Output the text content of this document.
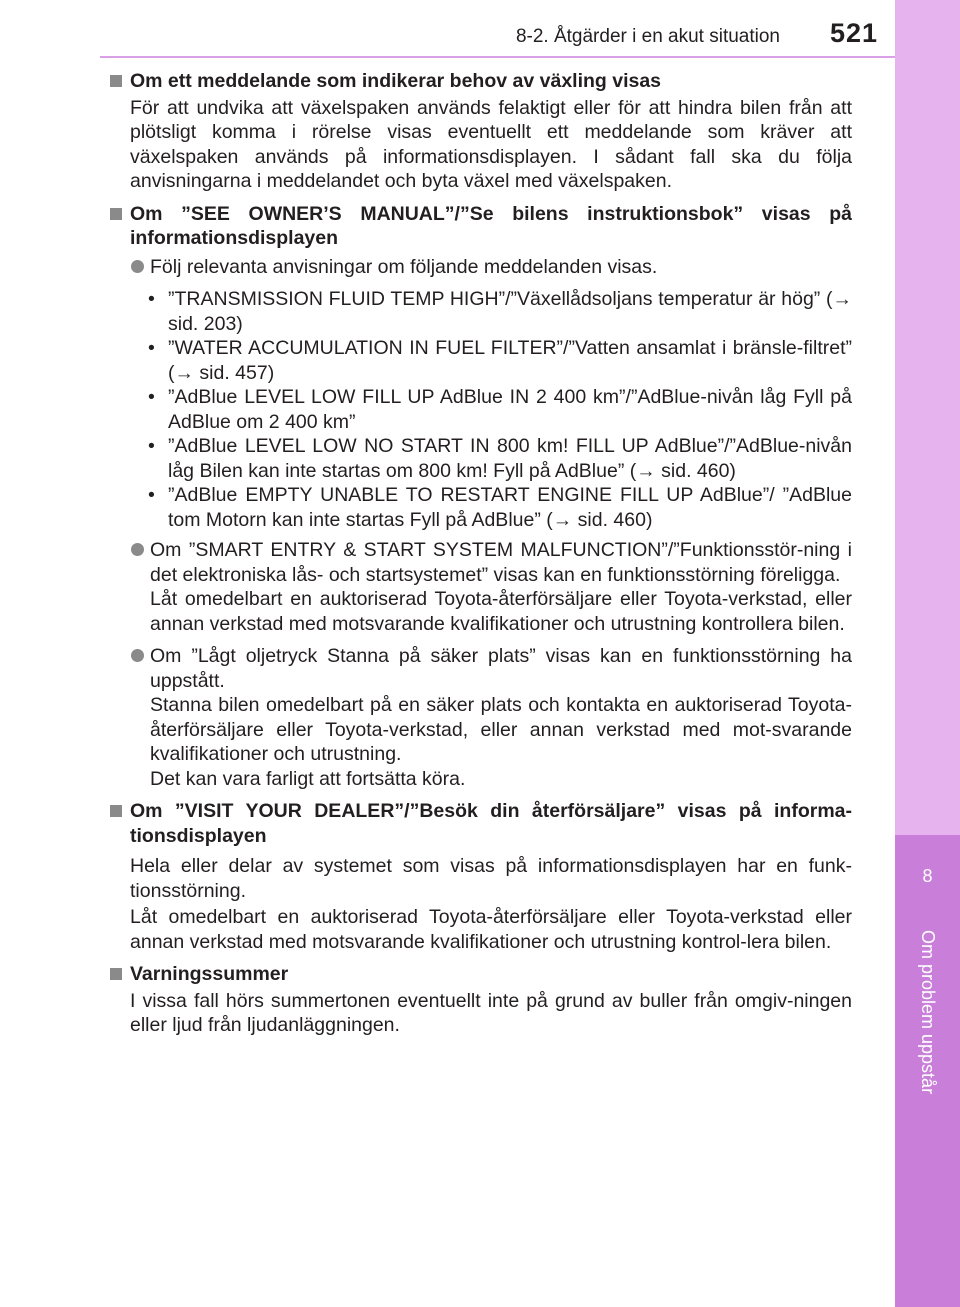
8
Om problem uppstår
8-2. Åtgärder i en akut situation 521
Om ett meddelande som indikerar behov av växling visas
För att undvika att växelspaken används felaktigt eller för att hindra bilen från att plötsligt komma i rörelse visas eventuellt ett meddelande som kräver att växelspaken används på informationsdisplayen. I sådant fall ska du följa anvisningarna i meddelandet och byta växel med växelspaken.
Om ”SEE OWNER’S MANUAL”/”Se bilens instruktionsbok” visas på informationsdisplayen
Följ relevanta anvisningar om följande meddelanden visas.
• ”TRANSMISSION FLUID TEMP HIGH”/”Växellådsoljans temperatur är hög” (→ sid. 203)
• ”WATER ACCUMULATION IN FUEL FILTER”/”Vatten ansamlat i bränsle-filtret” (→ sid. 457)
• ”AdBlue LEVEL LOW FILL UP AdBlue IN 2 400 km”/”AdBlue-nivån låg Fyll på AdBlue om 2 400 km”
• ”AdBlue LEVEL LOW NO START IN 800 km! FILL UP AdBlue”/”AdBlue-nivån låg Bilen kan inte startas om 800 km! Fyll på AdBlue” (→ sid. 460)
• ”AdBlue EMPTY UNABLE TO RESTART ENGINE FILL UP AdBlue”/ ”AdBlue tom Motorn kan inte startas Fyll på AdBlue” (→ sid. 460)
Om ”SMART ENTRY & START SYSTEM MALFUNCTION”/”Funktionsstör-ning i det elektroniska lås- och startsystemet” visas kan en funktionsstörning föreligga.
Låt omedelbart en auktoriserad Toyota-återförsäljare eller Toyota-verkstad, eller annan verkstad med motsvarande kvalifikationer och utrustning kontrollera bilen.
Om ”Lågt oljetryck Stanna på säker plats” visas kan en funktionsstörning ha uppstått.
Stanna bilen omedelbart på en säker plats och kontakta en auktoriserad Toyota-återförsäljare eller Toyota-verkstad, eller annan verkstad med mot-svarande kvalifikationer och utrustning.
Det kan vara farligt att fortsätta köra.
Om ”VISIT YOUR DEALER”/”Besök din återförsäljare” visas på informa-tionsdisplayen
Hela eller delar av systemet som visas på informationsdisplayen har en funk-tionsstörning.
Låt omedelbart en auktoriserad Toyota-återförsäljare eller Toyota-verkstad eller annan verkstad med motsvarande kvalifikationer och utrustning kontrol-lera bilen.
Varningssummer
I vissa fall hörs summertonen eventuellt inte på grund av buller från omgiv-ningen eller ljud från ljudanläggningen.
